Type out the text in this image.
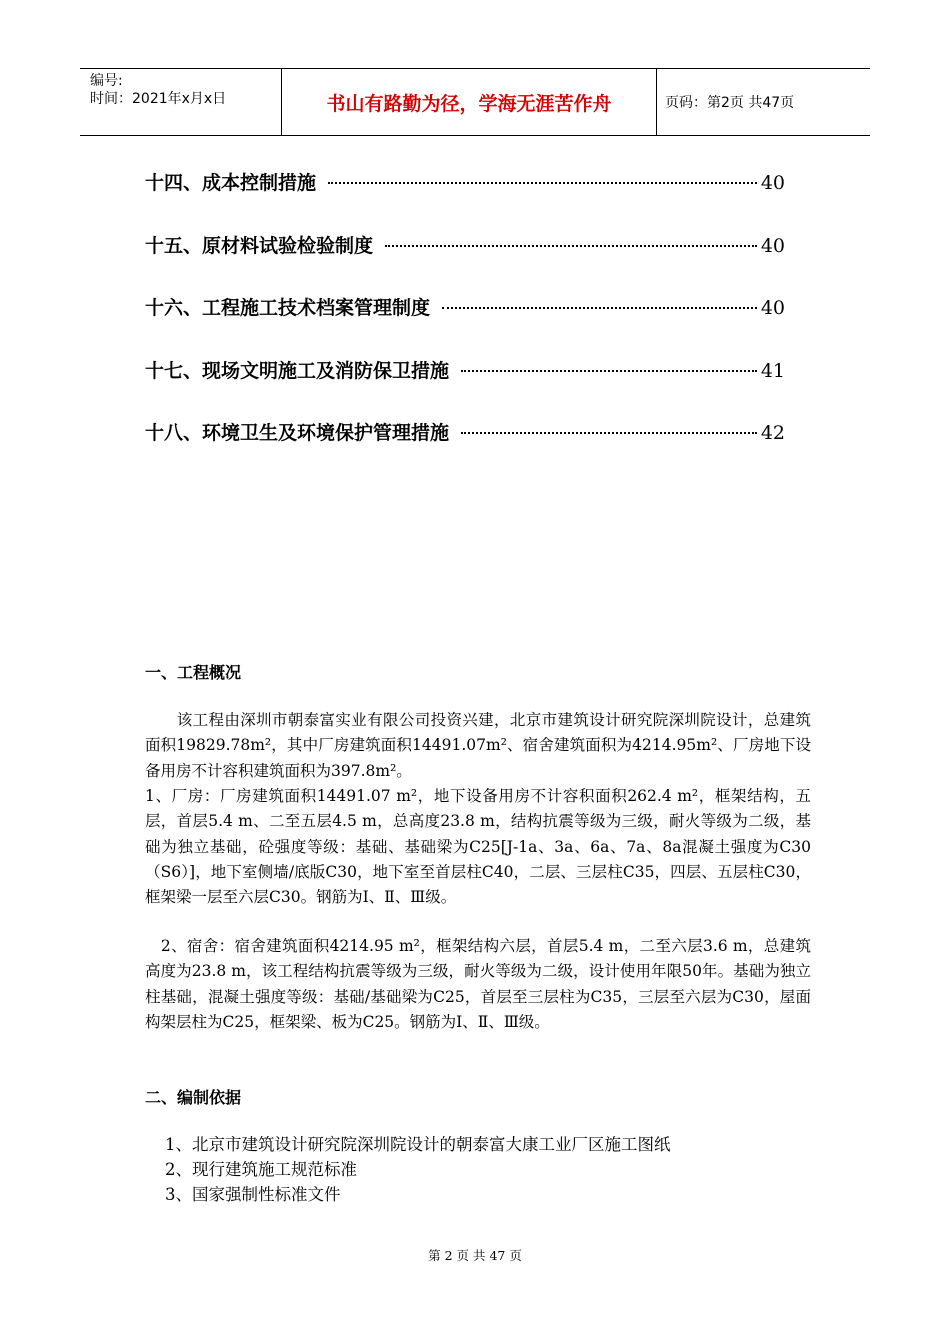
编号:
时间：2021年x月x日	书山有路勤为径，学海无涯苦作舟	页码：第2页 共47页
十四、成本控制措施	40
十五、原材料试验检验制度	40
十六、工程施工技术档案管理制度	40
十七、现场文明施工及消防保卫措施	41
十八、环境卫生及环境保护管理措施	42
一、工程概况

　　该工程由深圳市朝泰富实业有限公司投资兴建，北京市建筑设计研究院深圳院设计，总建筑面积19829.78m²，其中厂房建筑面积14491.07m²、宿舍建筑面积为4214.95m²、厂房地下设备用房不计容积建筑面积为397.8m²。

1、厂房：厂房建筑面积14491.07 m²，地下设备用房不计容积面积262.4 m²，框架结构，五层，首层5.4 m、二至五层4.5 m，总高度23.8 m，结构抗震等级为三级，耐火等级为二级，基础为独立基础，砼强度等级：基础、基础梁为C25[J-1a、3a、6a、7a、8a混凝土强度为C30（S6）]，地下室侧墙/底版C30，地下室至首层柱C40，二层、三层柱C35，四层、五层柱C30，框架梁一层至六层C30。钢筋为Ⅰ、Ⅱ、Ⅲ级。

　2、宿舍：宿舍建筑面积4214.95 m²，框架结构六层，首层5.4 m，二至六层3.6 m，总建筑高度为23.8 m，该工程结构抗震等级为三级，耐火等级为二级，设计使用年限50年。基础为独立柱基础，混凝土强度等级：基础/基础梁为C25，首层至三层柱为C35，三层至六层为C30，屋面构架层柱为C25，框架梁、板为C25。钢筋为Ⅰ、Ⅱ、Ⅲ级。

二、编制依据
1、北京市建筑设计研究院深圳院设计的朝泰富大康工业厂区施工图纸
2、现行建筑施工规范标准
3、国家强制性标准文件
第 2 页 共 47 页
